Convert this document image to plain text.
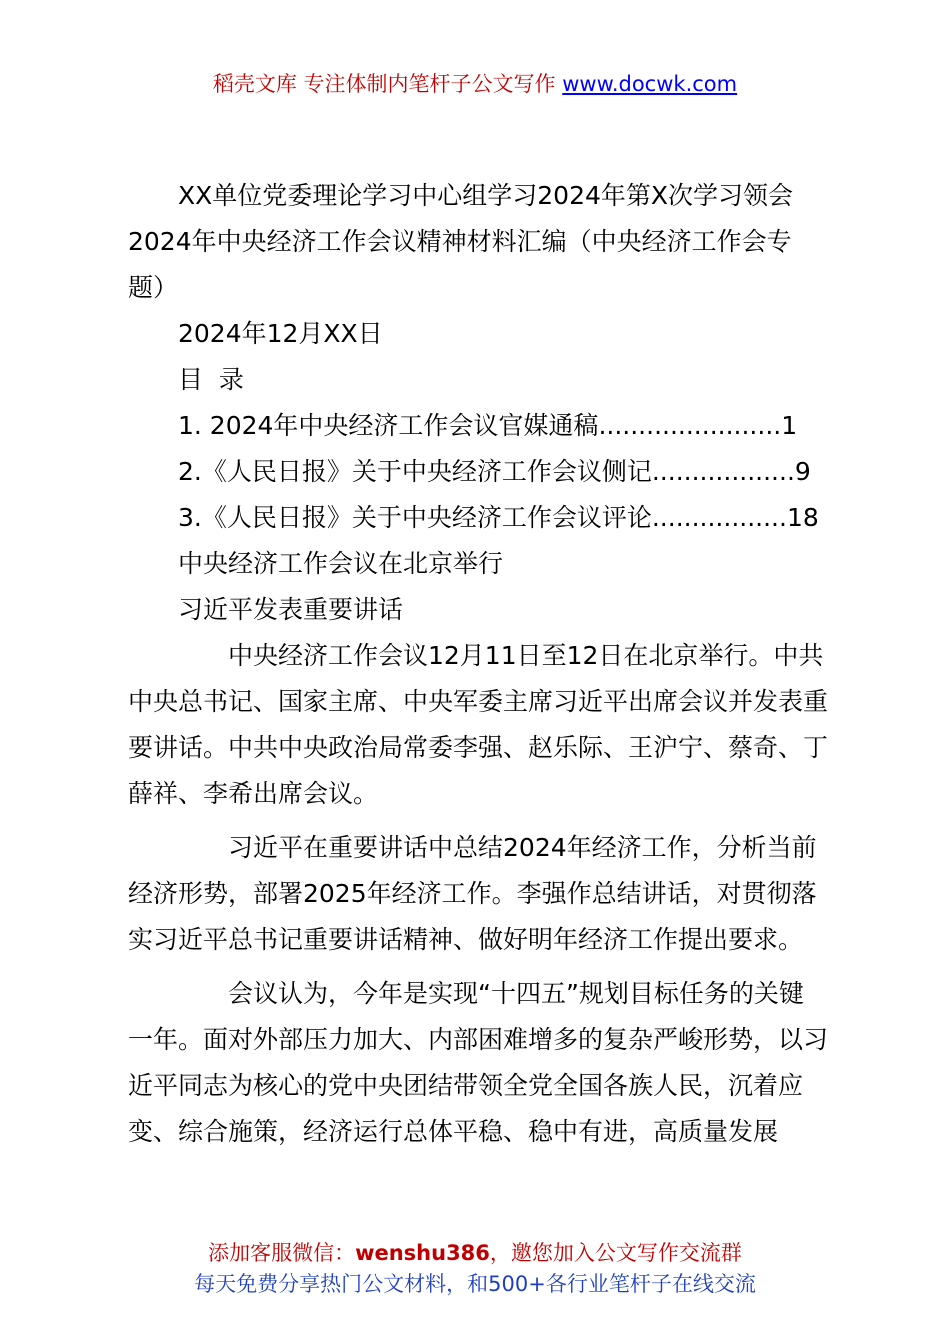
稻壳文库 专注体制内笔杆子公文写作 www.docwk.com

XX单位党委理论学习中心组学习2024年第X次学习领会2024年中央经济工作会议精神材料汇编（中央经济工作会专题）

2024年12月XX日

目  录

1. 2024年中央经济工作会议官媒通稿 ....................... 1

2.《人民日报》关于中央经济工作会议侧记 .................. 9

3.《人民日报》关于中央经济工作会议评论 ................. 18

中央经济工作会议在北京举行

习近平发表重要讲话

中央经济工作会议12月11日至12日在北京举行。中共中央总书记、国家主席、中央军委主席习近平出席会议并发表重要讲话。中共中央政治局常委李强、赵乐际、王沪宁、蔡奇、丁薛祥、李希出席会议。

习近平在重要讲话中总结2024年经济工作，分析当前经济形势，部署2025年经济工作。李强作总结讲话，对贯彻落实习近平总书记重要讲话精神、做好明年经济工作提出要求。

会议认为，今年是实现“十四五”规划目标任务的关键一年。面对外部压力加大、内部困难增多的复杂严峻形势，以习近平同志为核心的党中央团结带领全党全国各族人民，沉着应变、综合施策，经济运行总体平稳、稳中有进，高质量发展

添加客服微信：wenshu386，邀您加入公文写作交流群
每天免费分享热门公文材料，和500+各行业笔杆子在线交流
